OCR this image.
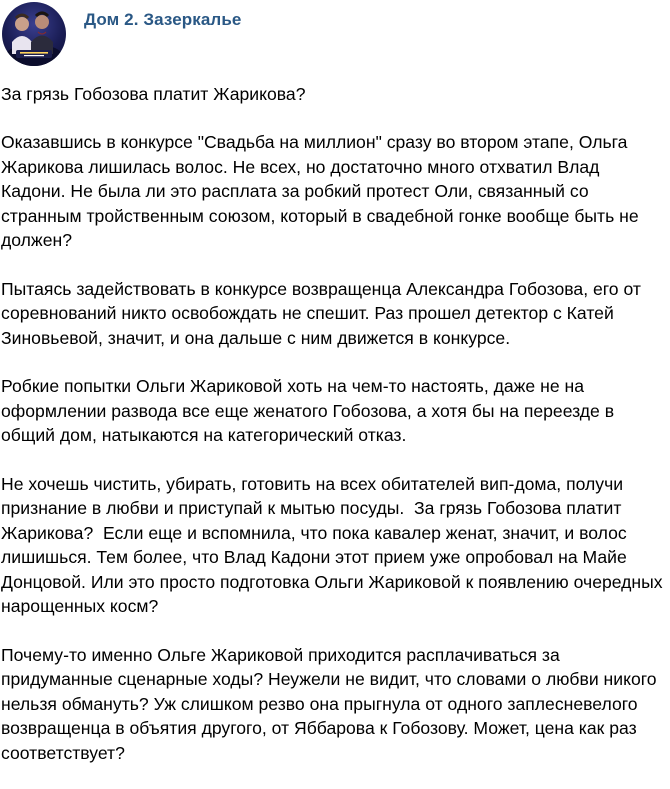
Дом 2. Зазеркалье

За грязь Гобозова платит Жарикова?

Оказавшись в конкурсе "Свадьба на миллион" сразу во втором этапе, Ольга Жарикова лишилась волос. Не всех, но достаточно много отхватил Влад Кадони. Не была ли это расплата за робкий протест Оли, связанный со странным тройственным союзом, который в свадебной гонке вообще быть не должен?

Пытаясь задействовать в конкурсе возвращенца Александра Гобозова, его от соревнований никто освобождать не спешит. Раз прошел детектор с Катей Зиновьевой, значит, и она дальше с ним движется в конкурсе.

Робкие попытки Ольги Жариковой хоть на чем-то настоять, даже не на оформлении развода все еще женатого Гобозова, а хотя бы на переезде в общий дом, натыкаются на категорический отказ.

Не хочешь чистить, убирать, готовить на всех обитателей вип-дома, получи признание в любви и приступай к мытью посуды.  За грязь Гобозова платит Жарикова?  Если еще и вспомнила, что пока кавалер женат, значит, и волос лишишься. Тем более, что Влад Кадони этот прием уже опробовал на Майе Донцовой. Или это просто подготовка Ольги Жариковой к появлению очередных нарощенных косм?

Почему-то именно Ольге Жариковой приходится расплачиваться за придуманные сценарные ходы? Неужели не видит, что словами о любви никого нельзя обмануть? Уж слишком резво она прыгнула от одного заплесневелого возвращенца в объятия другого, от Яббарова к Гобозову. Может, цена как раз соответствует?
